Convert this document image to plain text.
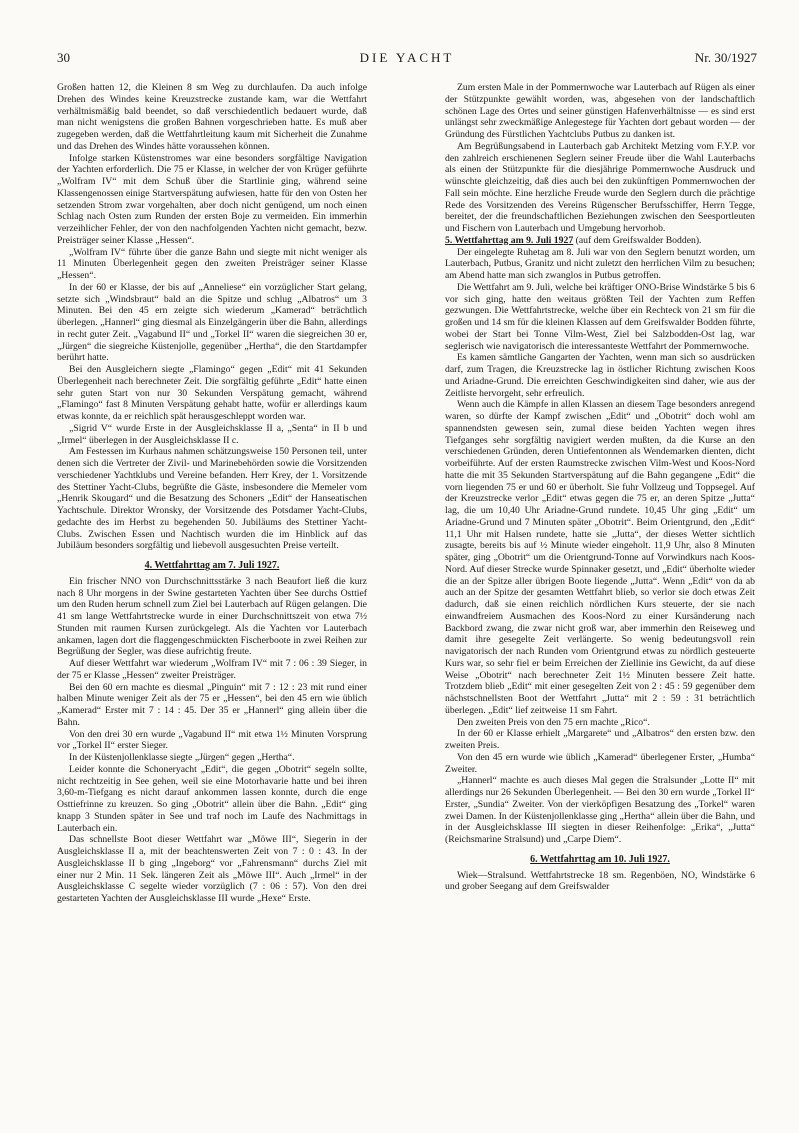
30	DIE YACHT	Nr. 30/1927

Großen hatten 12, die Kleinen 8 sm Weg zu durchlaufen. Da auch infolge Drehen des Windes keine Kreuzstrecke zustande kam, war die Wettfahrt verhältnismäßig bald beendet, so daß verschiedentlich bedauert wurde, daß man nicht wenigstens die großen Bahnen vorgeschrieben hatte. Es muß aber zugegeben werden, daß die Wettfahrtleitung kaum mit Sicherheit die Zunahme und das Drehen des Windes hätte voraussehen können.

Infolge starken Küstenstromes war eine besonders sorgfältige Navigation der Yachten erforderlich. Die 75 er Klasse, in welcher der von Krüger geführte „Wolfram IV“ mit dem Schuß über die Startlinie ging, während seine Klassengenossen einige Startverspätung aufwiesen, hatte für den von Osten her setzenden Strom zwar vorgehalten, aber doch nicht genügend, um noch einen Schlag nach Osten zum Runden der ersten Boje zu vermeiden. Ein immerhin verzeihlicher Fehler, der von den nachfolgenden Yachten nicht gemacht, bezw. Preisträger seiner Klasse „Hessen“.

„Wolfram IV“ führte über die ganze Bahn und siegte mit nicht weniger als 11 Minuten Überlegenheit gegen den zweiten Preisträger seiner Klasse „Hessen“.

In der 60 er Klasse, der bis auf „Anneliese“ ein vorzüglicher Start gelang, setzte sich „Windsbraut“ bald an die Spitze und schlug „Albatros“ um 3 Minuten. Bei den 45 ern zeigte sich wiederum „Kamerad“ beträchtlich überlegen. „Hannerl“ ging diesmal als Einzelgängerin über die Bahn, allerdings in recht guter Zeit. „Vagabund II“ und „Torkel II“ waren die siegreichen 30 er, „Jürgen“ die siegreiche Küstenjolle, gegenüber „Hertha“, die den Startdampfer berührt hatte.

Bei den Ausgleichern siegte „Flamingo“ gegen „Edit“ mit 41 Sekunden Überlegenheit nach berechneter Zeit. Die sorgfältig geführte „Edit“ hatte einen sehr guten Start von nur 30 Sekunden Verspätung gemacht, während „Flamingo“ fast 8 Minuten Verspätung gehabt hatte, wofür er allerdings kaum etwas konnte, da er reichlich spät herausgeschleppt worden war.

„Sigrid V“ wurde Erste in der Ausgleichsklasse II a, „Senta“ in II b und „Irmel“ überlegen in der Ausgleichsklasse II c.

Am Festessen im Kurhaus nahmen schätzungsweise 150 Personen teil, unter denen sich die Vertreter der Zivil- und Marinebehörden sowie die Vorsitzenden verschiedener Yachtklubs und Vereine befanden. Herr Krey, der 1. Vorsitzende des Stettiner Yacht-Clubs, begrüßte die Gäste, insbesondere die Memeler vom „Henrik Skougard“ und die Besatzung des Schoners „Edit“ der Hanseatischen Yachtschule. Direktor Wronsky, der Vorsitzende des Potsdamer Yacht-Clubs, gedachte des im Herbst zu begehenden 50. Jubiläums des Stettiner Yacht-Clubs. Zwischen Essen und Nachtisch wurden die im Hinblick auf das Jubiläum besonders sorgfältig und liebevoll ausgesuchten Preise verteilt.

4. Wettfahrttag am 7. Juli 1927.

Ein frischer NNO von Durchschnittsstärke 3 nach Beaufort ließ die kurz nach 8 Uhr morgens in der Swine gestarteten Yachten über See durchs Osttief um den Ruden herum schnell zum Ziel bei Lauterbach auf Rügen gelangen. Die 41 sm lange Wettfahrtstrecke wurde in einer Durchschnittszeit von etwa 7½ Stunden mit raumen Kursen zurückgelegt. Als die Yachten vor Lauterbach ankamen, lagen dort die flaggengeschmückten Fischerboote in zwei Reihen zur Begrüßung der Segler, was diese aufrichtig freute.

Auf dieser Wettfahrt war wiederum „Wolfram IV“ mit 7 : 06 : 39 Sieger, in der 75 er Klasse „Hessen“ zweiter Preisträger.

Bei den 60 ern machte es diesmal „Pinguin“ mit 7 : 12 : 23 mit rund einer halben Minute weniger Zeit als der 75 er „Hessen“, bei den 45 ern wie üblich „Kamerad“ Erster mit 7 : 14 : 45. Der 35 er „Hannerl“ ging allein über die Bahn.

Von den drei 30 ern wurde „Vagabund II“ mit etwa 1½ Minuten Vorsprung vor „Torkel II“ erster Sieger.

In der Küstenjollenklasse siegte „Jürgen“ gegen „Hertha“.

Leider konnte die Schoneryacht „Edit“, die gegen „Obotrit“ segeln sollte, nicht rechtzeitig in See gehen, weil sie eine Motorhavarie hatte und bei ihren 3,60-m-Tiefgang es nicht darauf ankommen lassen konnte, durch die enge Osttiefrinne zu kreuzen. So ging „Obotrit“ allein über die Bahn. „Edit“ ging knapp 3 Stunden später in See und traf noch im Laufe des Nachmittags in Lauterbach ein.

Das schnellste Boot dieser Wettfahrt war „Möwe III“, Siegerin in der Ausgleichsklasse II a, mit der beachtenswerten Zeit von 7 : 0 : 43. In der Ausgleichsklasse II b ging „Ingeborg“ vor „Fahrensmann“ durchs Ziel mit einer nur 2 Min. 11 Sek. längeren Zeit als „Möwe III“. Auch „Irmel“ in der Ausgleichsklasse C segelte wieder vorzüglich (7 : 06 : 57). Von den drei gestarteten Yachten der Ausgleichsklasse III wurde „Hexe“ Erste.

Zum ersten Male in der Pommernwoche war Lauterbach auf Rügen als einer der Stützpunkte gewählt worden, was, abgesehen von der landschaftlich schönen Lage des Ortes und seiner günstigen Hafenverhältnisse — es sind erst unlängst sehr zweckmäßige Anlegestege für Yachten dort gebaut worden — der Gründung des Fürstlichen Yachtclubs Putbus zu danken ist.

Am Begrüßungsabend in Lauterbach gab Architekt Metzing vom F.Y.P. vor den zahlreich erschienenen Seglern seiner Freude über die Wahl Lauterbachs als einen der Stützpunkte für die diesjährige Pommernwoche Ausdruck und wünschte gleichzeitig, daß dies auch bei den zukünftigen Pommernwochen der Fall sein möchte. Eine herzliche Freude wurde den Seglern durch die prächtige Rede des Vorsitzenden des Vereins Rügenscher Berufsschiffer, Herrn Tegge, bereitet, der die freundschaftlichen Beziehungen zwischen den Seesportleuten und Fischern von Lauterbach und Umgebung hervorhob.

5. Wettfahrttag am 9. Juli 1927 (auf dem Greifswalder Bodden).

Der eingelegte Ruhetag am 8. Juli war von den Seglern benutzt worden, um Lauterbach, Putbus, Granitz und nicht zuletzt den herrlichen Vilm zu besuchen; am Abend hatte man sich zwanglos in Putbus getroffen.

Die Wettfahrt am 9. Juli, welche bei kräftiger ONO-Brise Windstärke 5 bis 6 vor sich ging, hatte den weitaus größten Teil der Yachten zum Reffen gezwungen. Die Wettfahrtstrecke, welche über ein Rechteck von 21 sm für die großen und 14 sm für die kleinen Klassen auf dem Greifswalder Bodden führte, wobei der Start bei Tonne Vilm-West, Ziel bei Salzbodden-Ost lag, war seglerisch wie navigatorisch die interessanteste Wettfahrt der Pommernwoche.

Es kamen sämtliche Gangarten der Yachten, wenn man sich so ausdrücken darf, zum Tragen, die Kreuzstrecke lag in östlicher Richtung zwischen Koos und Ariadne-Grund. Die erreichten Geschwindigkeiten sind daher, wie aus der Zeitliste hervorgeht, sehr erfreulich.

Wenn auch die Kämpfe in allen Klassen an diesem Tage besonders anregend waren, so dürfte der Kampf zwischen „Edit“ und „Obotrit“ doch wohl am spannendsten gewesen sein, zumal diese beiden Yachten wegen ihres Tiefganges sehr sorgfältig navigiert werden mußten, da die Kurse an den verschiedenen Gründen, deren Untiefentonnen als Wendemarken dienten, dicht vorbeiführte. Auf der ersten Raumstrecke zwischen Vilm-West und Koos-Nord hatte die mit 35 Sekunden Startverspätung auf die Bahn gegangene „Edit“ die vorn liegenden 75 er und 60 er überholt. Sie fuhr Vollzeug und Toppsegel. Auf der Kreuzstrecke verlor „Edit“ etwas gegen die 75 er, an deren Spitze „Jutta“ lag, die um 10,40 Uhr Ariadne-Grund rundete. 10,45 Uhr ging „Edit“ um Ariadne-Grund und 7 Minuten später „Obotrit“. Beim Orientgrund, den „Edit“ 11,1 Uhr mit Halsen rundete, hatte sie „Jutta“, der dieses Wetter sichtlich zusagte, bereits bis auf ½ Minute wieder eingeholt. 11,9 Uhr, also 8 Minuten später, ging „Obotrit“ um die Orientgrund-Tonne auf Vorwindkurs nach Koos-Nord. Auf dieser Strecke wurde Spinnaker gesetzt, und „Edit“ überholte wieder die an der Spitze aller übrigen Boote liegende „Jutta“. Wenn „Edit“ von da ab auch an der Spitze der gesamten Wettfahrt blieb, so verlor sie doch etwas Zeit dadurch, daß sie einen reichlich nördlichen Kurs steuerte, der sie nach einwandfreiem Ausmachen des Koos-Nord zu einer Kursänderung nach Backbord zwang, die zwar nicht groß war, aber immerhin den Reiseweg und damit ihre gesegelte Zeit verlängerte. So wenig bedeutungsvoll rein navigatorisch der nach Runden vom Orientgrund etwas zu nördlich gesteuerte Kurs war, so sehr fiel er beim Erreichen der Ziellinie ins Gewicht, da auf diese Weise „Obotrit“ nach berechneter Zeit 1½ Minuten bessere Zeit hatte. Trotzdem blieb „Edit“ mit einer gesegelten Zeit von 2 : 45 : 59 gegenüber dem nächstschnellsten Boot der Wettfahrt „Jutta“ mit 2 : 59 : 31 beträchtlich überlegen. „Edit“ lief zeitweise 11 sm Fahrt.

Den zweiten Preis von den 75 ern machte „Rico“.

In der 60 er Klasse erhielt „Margarete“ und „Albatros“ den ersten bzw. den zweiten Preis.

Von den 45 ern wurde wie üblich „Kamerad“ überlegener Erster, „Humba“ Zweiter.

„Hannerl“ machte es auch dieses Mal gegen die Stralsunder „Lotte II“ mit allerdings nur 26 Sekunden Überlegenheit. — Bei den 30 ern wurde „Torkel II“ Erster, „Sundia“ Zweiter. Von der vierköpfigen Besatzung des „Torkel“ waren zwei Damen. In der Küstenjollenklasse ging „Hertha“ allein über die Bahn, und in der Ausgleichsklasse III siegten in dieser Reihenfolge: „Erika“, „Jutta“ (Reichsmarine Stralsund) und „Carpe Diem“.

6. Wettfahrttag am 10. Juli 1927.

Wiek—Stralsund. Wettfahrtstrecke 18 sm. Regenböen, NO, Windstärke 6 und grober Seegang auf dem Greifswalder
